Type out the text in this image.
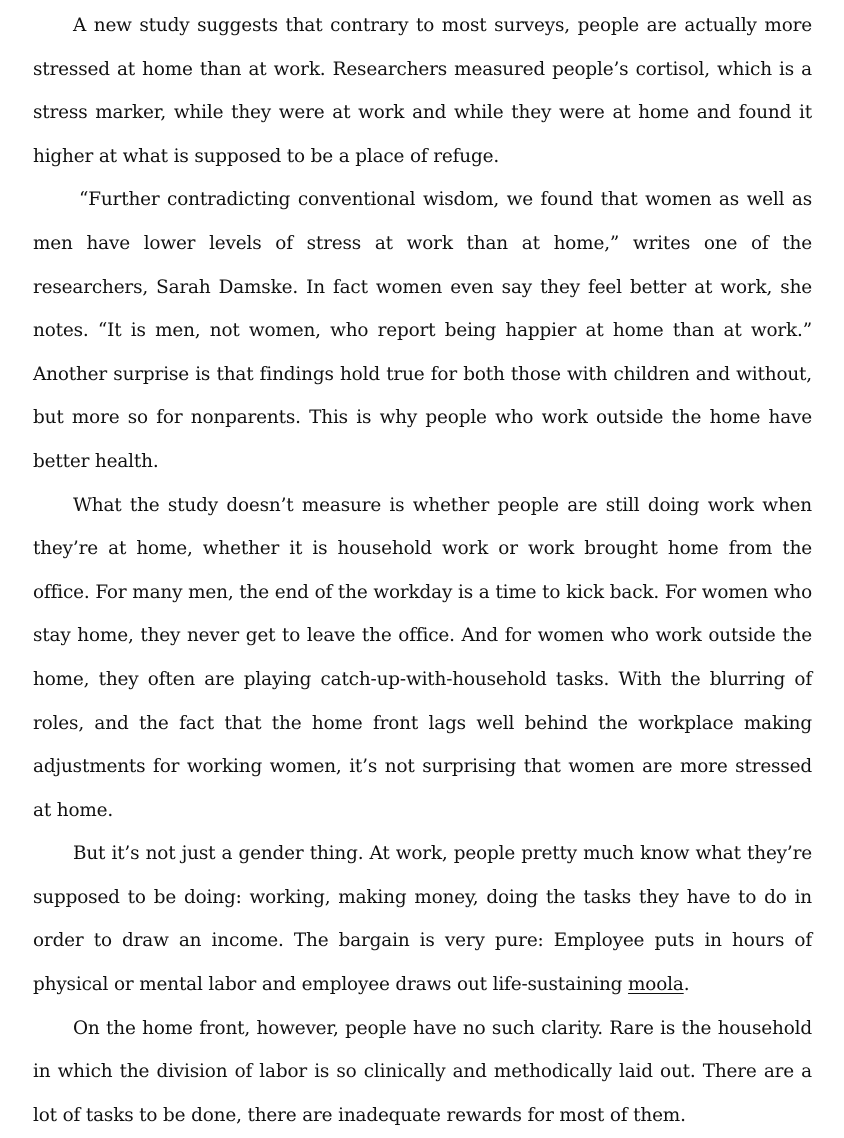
A new study suggests that contrary to most surveys, people are actually more stressed at home than at work. Researchers measured people’s cortisol, which is a stress marker, while they were at work and while they were at home and found it higher at what is supposed to be a place of refuge.

“Further contradicting conventional wisdom, we found that women as well as men have lower levels of stress at work than at home,” writes one of the researchers, Sarah Damske. In fact women even say they feel better at work, she notes. “It is men, not women, who report being happier at home than at work.” Another surprise is that findings hold true for both those with children and without, but more so for nonparents. This is why people who work outside the home have better health.

What the study doesn’t measure is whether people are still doing work when they’re at home, whether it is household work or work brought home from the office. For many men, the end of the workday is a time to kick back. For women who stay home, they never get to leave the office. And for women who work outside the home, they often are playing catch-up-with-household tasks. With the blurring of roles, and the fact that the home front lags well behind the workplace making adjustments for working women, it’s not surprising that women are more stressed at home.

But it’s not just a gender thing. At work, people pretty much know what they’re supposed to be doing: working, making money, doing the tasks they have to do in order to draw an income. The bargain is very pure: Employee puts in hours of physical or mental labor and employee draws out life-sustaining moola.

On the home front, however, people have no such clarity. Rare is the household in which the division of labor is so clinically and methodically laid out. There are a lot of tasks to be done, there are inadequate rewards for most of them.
